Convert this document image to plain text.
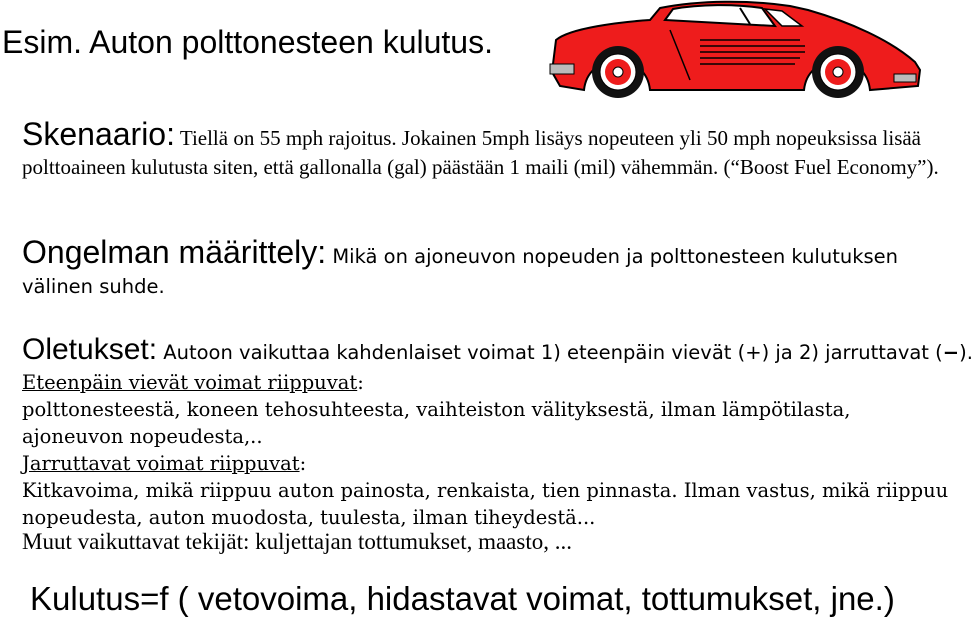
Esim. Auton polttonesteen kulutus.
Skenaario: Tiellä on 55 mph rajoitus. Jokainen 5mph lisäys nopeuteen yli 50 mph nopeuksissa lisää polttoaineen kulutusta siten, että gallonalla (gal) päästään 1 maili (mil) vähemmän. (“Boost Fuel Economy”).
Ongelman määrittely: Mikä on ajoneuvon nopeuden ja polttonesteen kulutuksen
välinen suhde.
Oletukset: Autoon vaikuttaa kahdenlaiset voimat 1) eteenpäin vievät (+) ja 2) jarruttavat (−).
Eteenpäin vievät voimat riippuvat:
polttonesteestä, koneen tehosuhteesta, vaihteiston välityksestä, ilman lämpötilasta,
ajoneuvon nopeudesta,..
Jarruttavat voimat riippuvat:
Kitkavoima, mikä riippuu auton painosta, renkaista, tien pinnasta. Ilman vastus, mikä riippuu
nopeudesta, auton muodosta, tuulesta, ilman tiheydestä...
Muut vaikuttavat tekijät: kuljettajan tottumukset, maasto, ...
Kulutus=f ( vetovoima, hidastavat voimat, tottumukset, jne.)
